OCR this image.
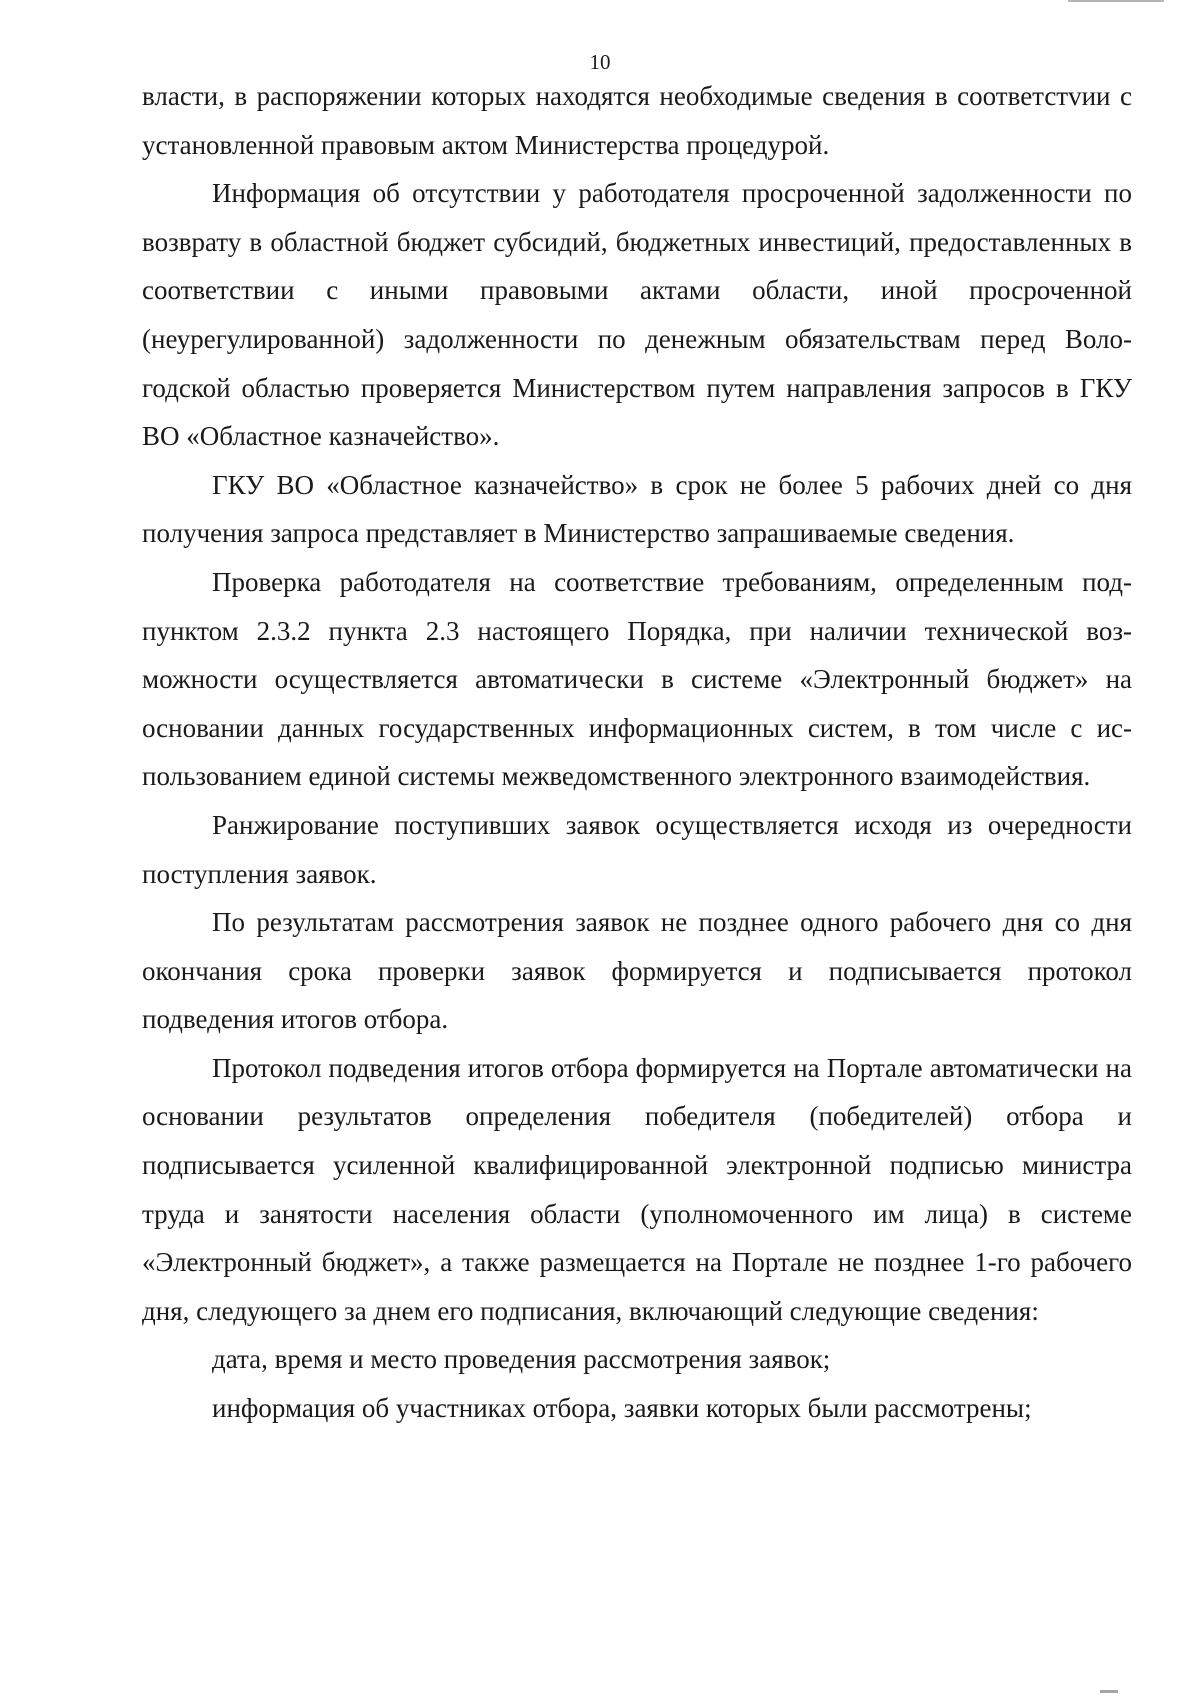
10

власти, в распоряжении которых находятся необходимые сведения в соответстvии с установленной правовым актом Министерства процедурой.

Информация об отсутствии у работодателя просроченной задолженности по возврату в областной бюджет субсидий, бюджетных инвестиций, предоставленных в соответствии с иными правовыми актами области, иной просроченной (неурегулированной) задолженности по денежным обязательствам перед Вологодской областью проверяется Министерством путем направления запросов в ГКУ ВО «Областное казначейство».

ГКУ ВО «Областное казначейство» в срок не более 5 рабочих дней со дня получения запроса представляет в Министерство запрашиваемые сведения.

Проверка работодателя на соответствие требованиям, определенным подпунктом 2.3.2 пункта 2.3 настоящего Порядка, при наличии технической возможности осуществляется автоматически в системе «Электронный бюджет» на основании данных государственных информационных систем, в том числе с использованием единой системы межведомственного электронного взаимодействия.

Ранжирование поступивших заявок осуществляется исходя из очередности поступления заявок.

По результатам рассмотрения заявок не позднее одного рабочего дня со дня окончания срока проверки заявок формируется и подписывается протокол подведения итогов отбора.

Протокол подведения итогов отбора формируется на Портале автоматически на основании результатов определения победителя (победителей) отбора и подписывается усиленной квалифицированной электронной подписью министра труда и занятости населения области (уполномоченного им лица) в системе «Электронный бюджет», а также размещается на Портале не позднее 1-го рабочего дня, следующего за днем его подписания, включающий следующие сведения:

дата, время и место проведения рассмотрения заявок;

информация об участниках отбора, заявки которых были рассмотрены;
